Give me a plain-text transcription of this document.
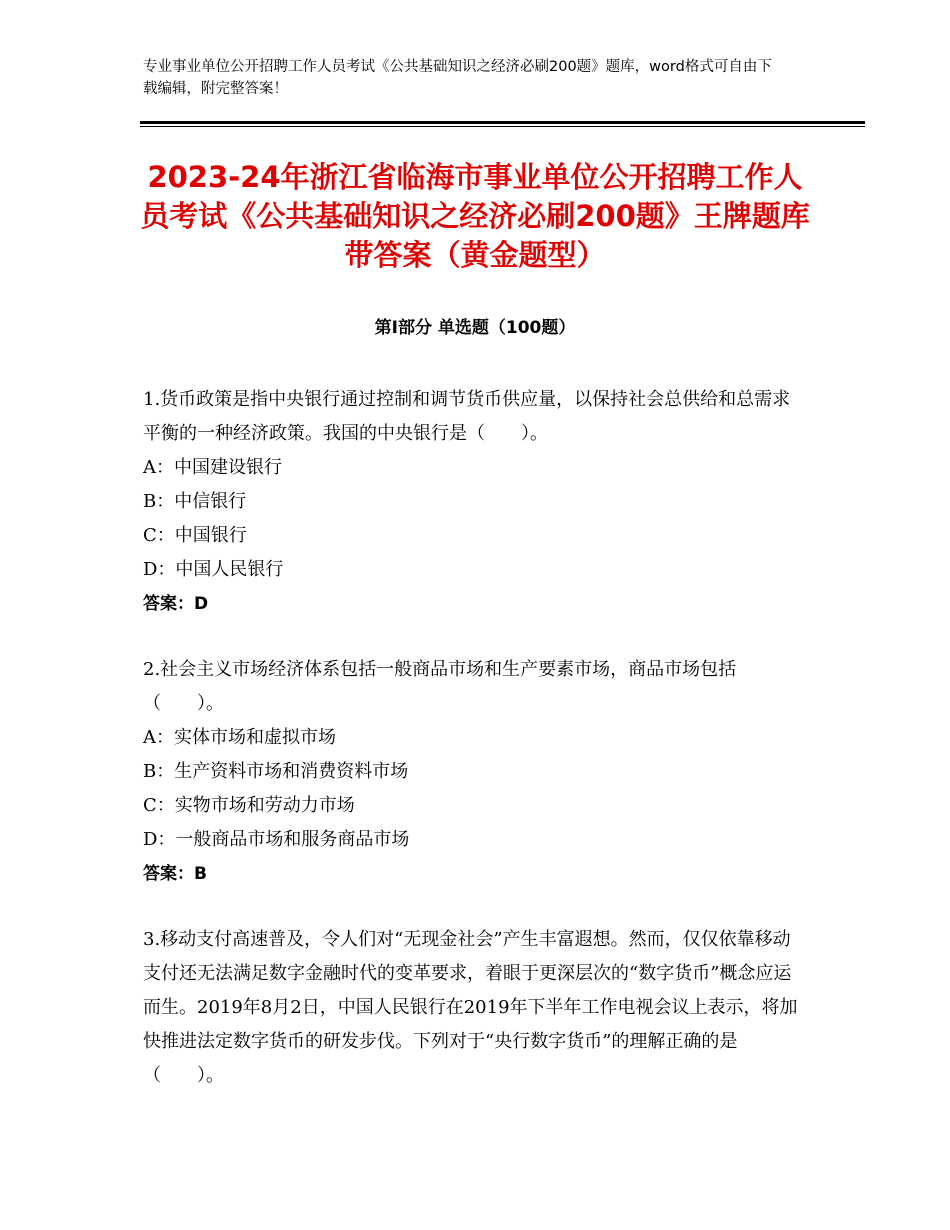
专业事业单位公开招聘工作人员考试《公共基础知识之经济必刷200题》题库，word格式可自由下载编辑，附完整答案！
2023-24年浙江省临海市事业单位公开招聘工作人员考试《公共基础知识之经济必刷200题》王牌题库带答案（黄金题型）
第Ⅰ部分 单选题（100题）

1.货币政策是指中央银行通过控制和调节货币供应量，以保持社会总供给和总需求平衡的一种经济政策。我国的中央银行是（　　）。

A：中国建设银行

B：中信银行

C：中国银行

D：中国人民银行

答案：D

2.社会主义市场经济体系包括一般商品市场和生产要素市场，商品市场包括（　　）。

A：实体市场和虚拟市场

B：生产资料市场和消费资料市场

C：实物市场和劳动力市场

D：一般商品市场和服务商品市场

答案：B

3.移动支付高速普及，令人们对“无现金社会”产生丰富遐想。然而，仅仅依靠移动支付还无法满足数字金融时代的变革要求，着眼于更深层次的“数字货币”概念应运而生。2019年8月2日，中国人民银行在2019年下半年工作电视会议上表示，将加快推进法定数字货币的研发步伐。下列对于“央行数字货币”的理解正确的是（　　）。
